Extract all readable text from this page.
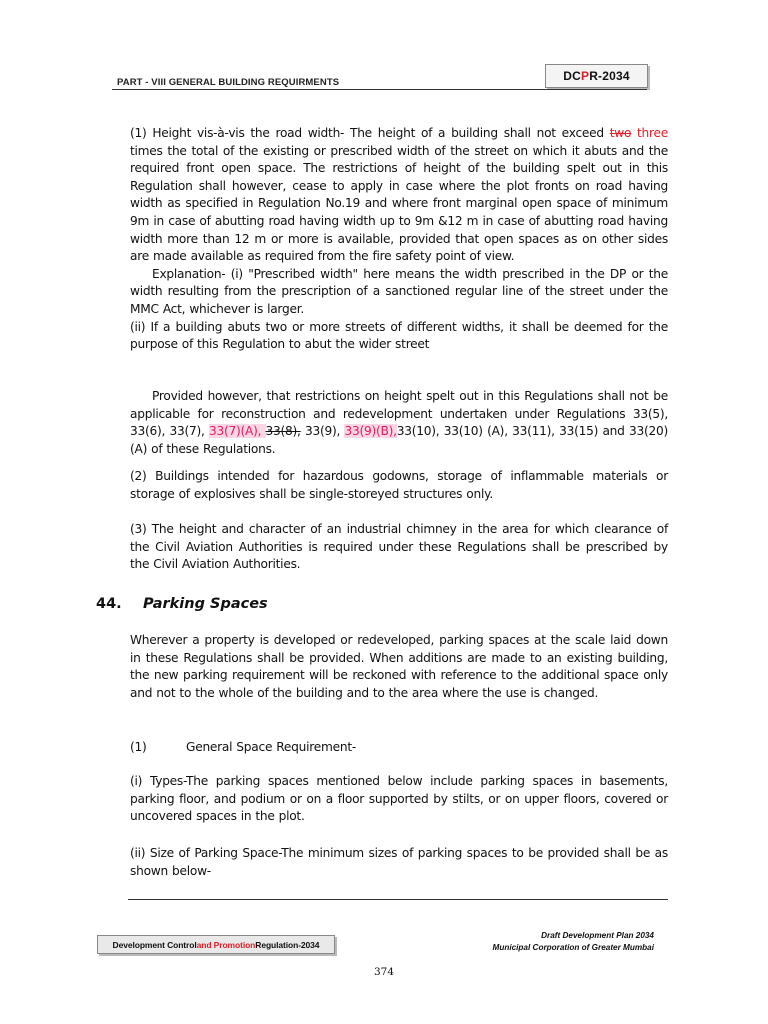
PART - VIII GENERAL BUILDING REQUIRMENTS	DC P R-2034

(1) Height vis-à-vis the road width- The height of a building shall not exceed two three times the total of the existing or prescribed width of the street on which it abuts and the required front open space. The restrictions of height of the building spelt out in this Regulation shall however, cease to apply in case where the plot fronts on road having width as specified in Regulation No.19 and where front marginal open space of minimum 9m in case of abutting road having width up to 9m &12 m in case of abutting road having width more than 12 m or more is available, provided that open spaces as on other sides are made available as required from the fire safety point of view.

Explanation- (i) "Prescribed width" here means the width prescribed in the DP or the width resulting from the prescription of a sanctioned regular line of the street under the MMC Act, whichever is larger.

(ii) If a building abuts two or more streets of different widths, it shall be deemed for the purpose of this Regulation to abut the wider street

Provided however, that restrictions on height spelt out in this Regulations shall not be applicable for reconstruction and redevelopment undertaken under Regulations 33(5), 33(6), 33(7), 33(7)(A), 33(8), 33(9), 33(9)(B),33(10), 33(10) (A), 33(11), 33(15) and 33(20) (A) of these Regulations.

(2) Buildings intended for hazardous godowns, storage of inflammable materials or storage of explosives shall be single-storeyed structures only.
(3) The height and character of an industrial chimney in the area for which clearance of the Civil Aviation Authorities is required under these Regulations shall be prescribed by the Civil Aviation Authorities.
44. Parking Spaces
Wherever a property is developed or redeveloped, parking spaces at the scale laid down in these Regulations shall be provided. When additions are made to an existing building, the new parking requirement will be reckoned with reference to the additional space only and not to the whole of the building and to the area where the use is changed.
(1)	General Space Requirement-
(i) Types-The parking spaces mentioned below include parking spaces in basements, parking floor, and podium or on a floor supported by stilts, or on upper floors, covered or uncovered spaces in the plot.
(ii) Size of Parking Space-The minimum sizes of parking spaces to be provided shall be as shown below-
Development Control and Promotion Regulation-2034
Draft Development Plan 2034
Municipal Corporation of Greater Mumbai
374
